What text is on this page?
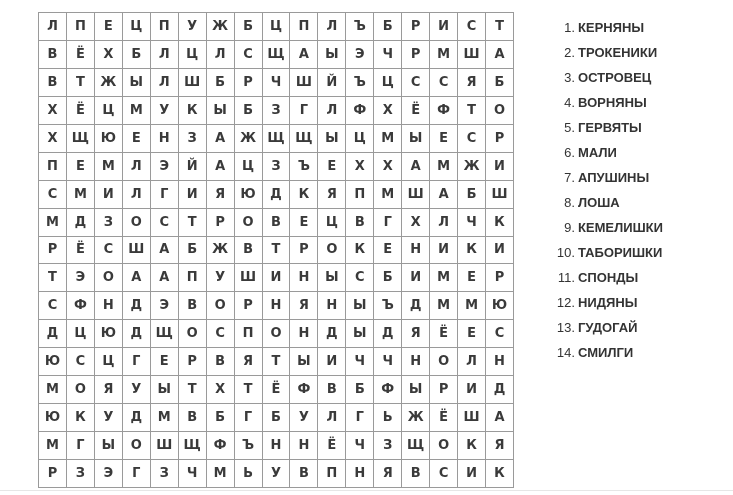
Л	П	Е	Ц	П	У	Ж	Б	Ц	П	Л	Ъ	Б	Р	И	С	Т
В	Ё	Х	Б	Л	Ц	Л	С	Щ	А	Ы	Э	Ч	Р	М	Ш	А
В	Т	Ж	Ы	Л	Ш	Б	Р	Ч	Ш	Й	Ъ	Ц	С	С	Я	Б
Х	Ё	Ц	М	У	К	Ы	Б	З	Г	Л	Ф	Х	Ё	Ф	Т	О
Х	Щ	Ю	Е	Н	З	А	Ж	Щ	Щ	Ы	Ц	М	Ы	Е	С	Р
П	Е	М	Л	Э	Й	А	Ц	З	Ъ	Е	Х	Х	А	М	Ж	И
С	М	И	Л	Г	И	Я	Ю	Д	К	Я	П	М	Ш	А	Б	Ш
М	Д	З	О	С	Т	Р	О	В	Е	Ц	В	Г	Х	Л	Ч	К
Р	Ё	С	Ш	А	Б	Ж	В	Т	Р	О	К	Е	Н	И	К	И
Т	Э	О	А	А	П	У	Ш	И	Н	Ы	С	Б	И	М	Е	Р
С	Ф	Н	Д	Э	В	О	Р	Н	Я	Н	Ы	Ъ	Д	М	М	Ю
Д	Ц	Ю	Д	Щ	О	С	П	О	Н	Д	Ы	Д	Я	Ё	Е	С
Ю	С	Ц	Г	Е	Р	В	Я	Т	Ы	И	Ч	Ч	Н	О	Л	Н
М	О	Я	У	Ы	Т	Х	Т	Ё	Ф	В	Б	Ф	Ы	Р	И	Д
Ю	К	У	Д	М	В	Б	Г	Б	У	Л	Г	Ь	Ж	Ё	Ш	А
М	Г	Ы	О	Ш	Щ	Ф	Ъ	Н	Н	Ё	Ч	З	Щ	О	К	Я
Р	З	Э	Г	З	Ч	М	Ь	У	В	П	Н	Я	В	С	И	К
1. КЕРНЯНЫ
2. ТРОКЕНИКИ
3. ОСТРОВЕЦ
4. ВОРНЯНЫ
5. ГЕРВЯТЫ
6. МАЛИ
7. АПУШИНЫ
8. ЛОША
9. КЕМЕЛИШКИ
10. ТАБОРИШКИ
11. СПОНДЫ
12. НИДЯНЫ
13. ГУДОГАЙ
14. СМИЛГИ
